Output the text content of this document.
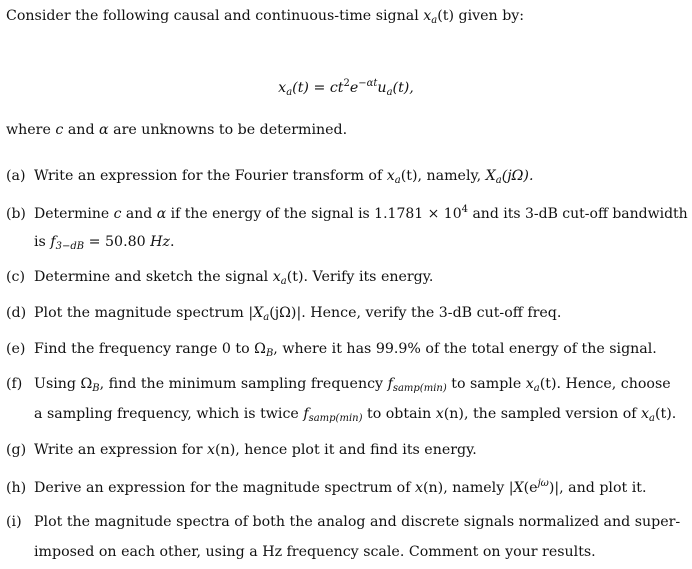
Consider the following causal and continuous-time signal $x_a(t)$ given by:
$x_a(t) = ct^2e^{-\alpha t}u_a(t)$,
where c and α are unknowns to be determined.
(a) Write an expression for the Fourier transform of $x_a(t)$, namely, $X_a(j\Omega)$.
(b) Determine c and α if the energy of the signal is $1.1781 \times 10^4$ and its 3-dB cut-off bandwidth
is $f_{3-dB} = 50.80$ Hz.
(c) Determine and sketch the signal $x_a(t)$. Verify its energy.
(d) Plot the magnitude spectrum $|X_a(j\Omega)|$. Hence, verify the 3-dB cut-off freq.
(e) Find the frequency range 0 to $\Omega_B$, where it has 99.9% of the total energy of the signal.
(f) Using $\Omega_B$, find the minimum sampling frequency $f_{samp(min)}$ to sample $x_a(t)$. Hence, choose
a sampling frequency, which is twice $f_{samp(min)}$ to obtain x(n), the sampled version of $x_a(t)$.
(g) Write an expression for x(n), hence plot it and find its energy.
(h) Derive an expression for the magnitude spectrum of x(n), namely $|X(e^{j\omega})|$, and plot it.
(i) Plot the magnitude spectra of both the analog and discrete signals normalized and super-
imposed on each other, using a Hz frequency scale. Comment on your results.
